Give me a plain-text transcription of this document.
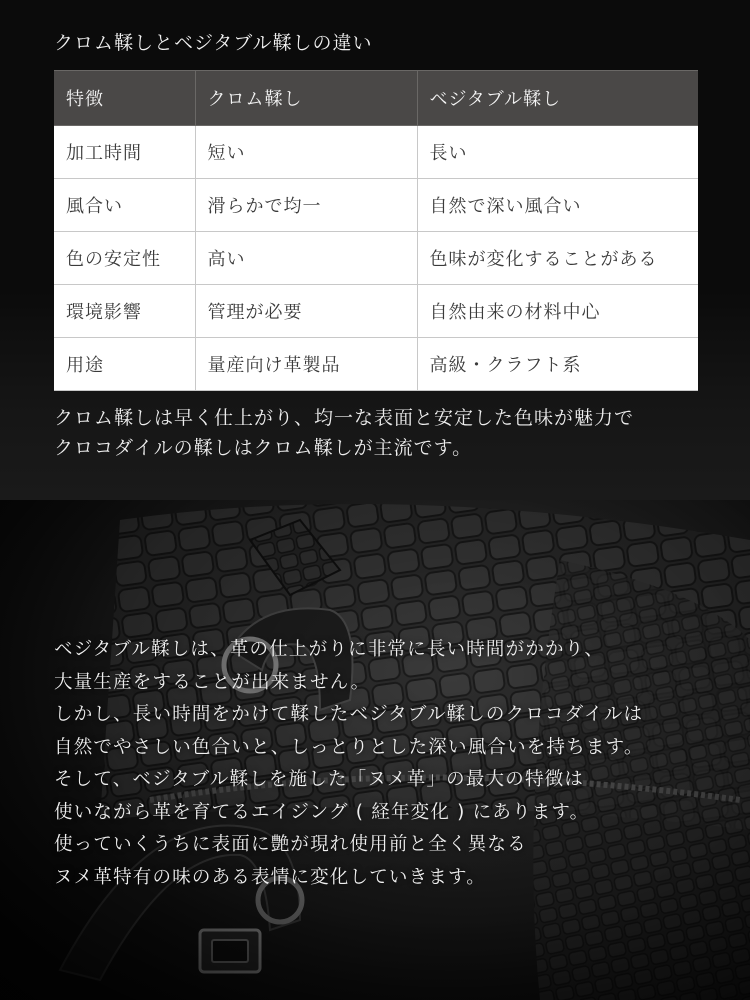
クロム鞣しとベジタブル鞣しの違い
特徴	クロム鞣し	ベジタブル鞣し
加工時間	短い	長い
風合い	滑らかで均一	自然で深い風合い
色の安定性	高い	色味が変化することがある
環境影響	管理が必要	自然由来の材料中心
用途	量産向け革製品	高級・クラフト系

クロム鞣しは早く仕上がり、均一な表面と安定した色味が魅力で

クロコダイルの鞣しはクロム鞣しが主流です。

ベジタブル鞣しは、革の仕上がりに非常に長い時間がかかり、

大量生産をすることが出来ません。

しかし、長い時間をかけて鞣したベジタブル鞣しのクロコダイルは

自然でやさしい色合いと、しっとりとした深い風合いを持ちます。

そして、ベジタブル鞣しを施した「ヌメ革」の最大の特徴は

使いながら革を育てるエイジング ( 経年変化 ) にあります。

使っていくうちに表面に艶が現れ使用前と全く異なる

ヌメ革特有の味のある表情に変化していきます。
